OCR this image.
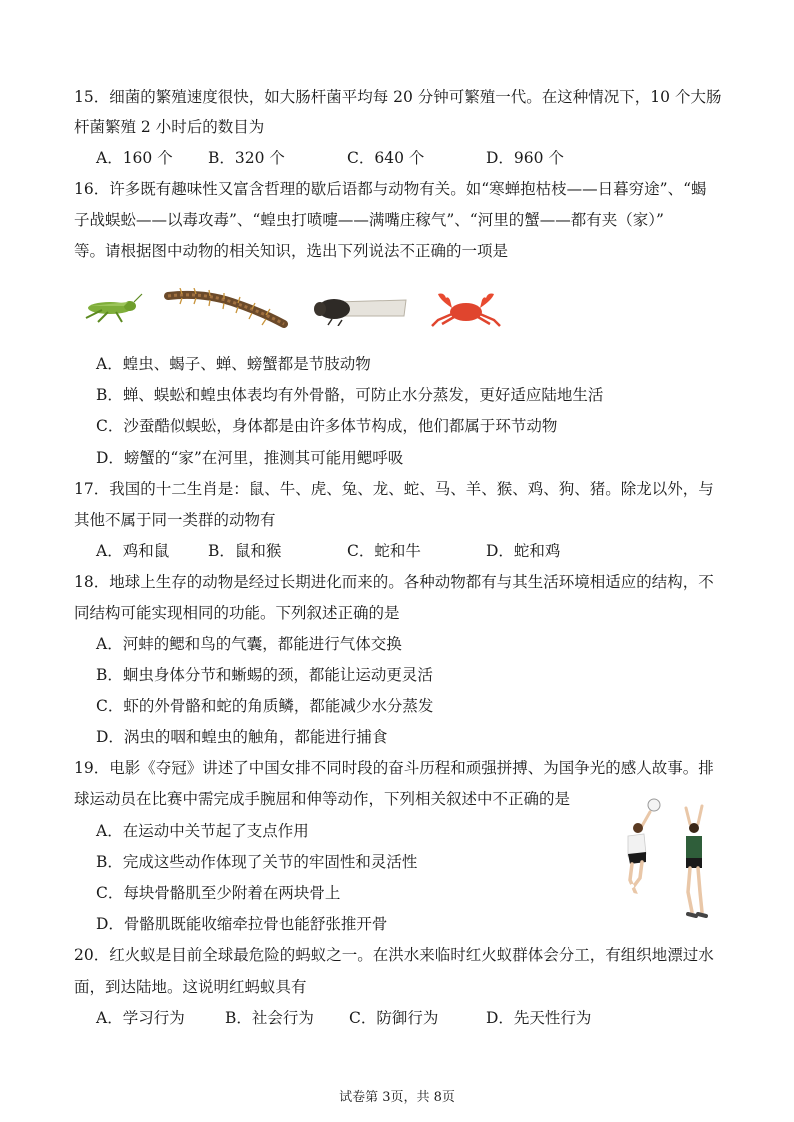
15．细菌的繁殖速度很快，如大肠杆菌平均每 20 分钟可繁殖一代。在这种情况下，10 个大肠
杆菌繁殖 2 小时后的数目为
A．160 个 B．320 个	C．640 个	D．960 个
16．许多既有趣味性又富含哲理的歇后语都与动物有关。如“寒蝉抱枯枝——日暮穷途”、“蝎
子战蜈蚣——以毒攻毒”、“蝗虫打喷嚏——满嘴庄稼气”、“河里的蟹——都有夹（家）”
等。请根据图中动物的相关知识，选出下列说法不正确的一项是
A．蝗虫、蝎子、蝉、螃蟹都是节肢动物
B．蝉、蜈蚣和蝗虫体表均有外骨骼，可防止水分蒸发，更好适应陆地生活
C．沙蚕酷似蜈蚣，身体都是由许多体节构成，他们都属于环节动物
D．螃蟹的“家”在河里，推测其可能用鳃呼吸
17．我国的十二生肖是：鼠、牛、虎、兔、龙、蛇、马、羊、猴、鸡、狗、猪。除龙以外，与
其他不属于同一类群的动物有
A．鸡和鼠	B．鼠和猴	C．蛇和牛	D．蛇和鸡
18．地球上生存的动物是经过长期进化而来的。各种动物都有与其生活环境相适应的结构，不
同结构可能实现相同的功能。下列叙述正确的是
A．河蚌的鳃和鸟的气囊，都能进行气体交换
B．蛔虫身体分节和蜥蜴的颈，都能让运动更灵活
C．虾的外骨骼和蛇的角质鳞，都能减少水分蒸发
D．涡虫的咽和蝗虫的触角，都能进行捕食
19．电影《夺冠》讲述了中国女排不同时段的奋斗历程和顽强拼搏、为国争光的感人故事。排
球运动员在比赛中需完成手腕屈和伸等动作，下列相关叙述中不正确的是
A．在运动中关节起了支点作用
B．完成这些动作体现了关节的牢固性和灵活性
C．每块骨骼肌至少附着在两块骨上
D．骨骼肌既能收缩牵拉骨也能舒张推开骨
20．红火蚁是目前全球最危险的蚂蚁之一。在洪水来临时红火蚁群体会分工，有组织地漂过水
面，到达陆地。这说明红蚂蚁具有
A．学习行为	B．社会行为 C．防御行为	D．先天性行为
试卷第 3页，共 8页
